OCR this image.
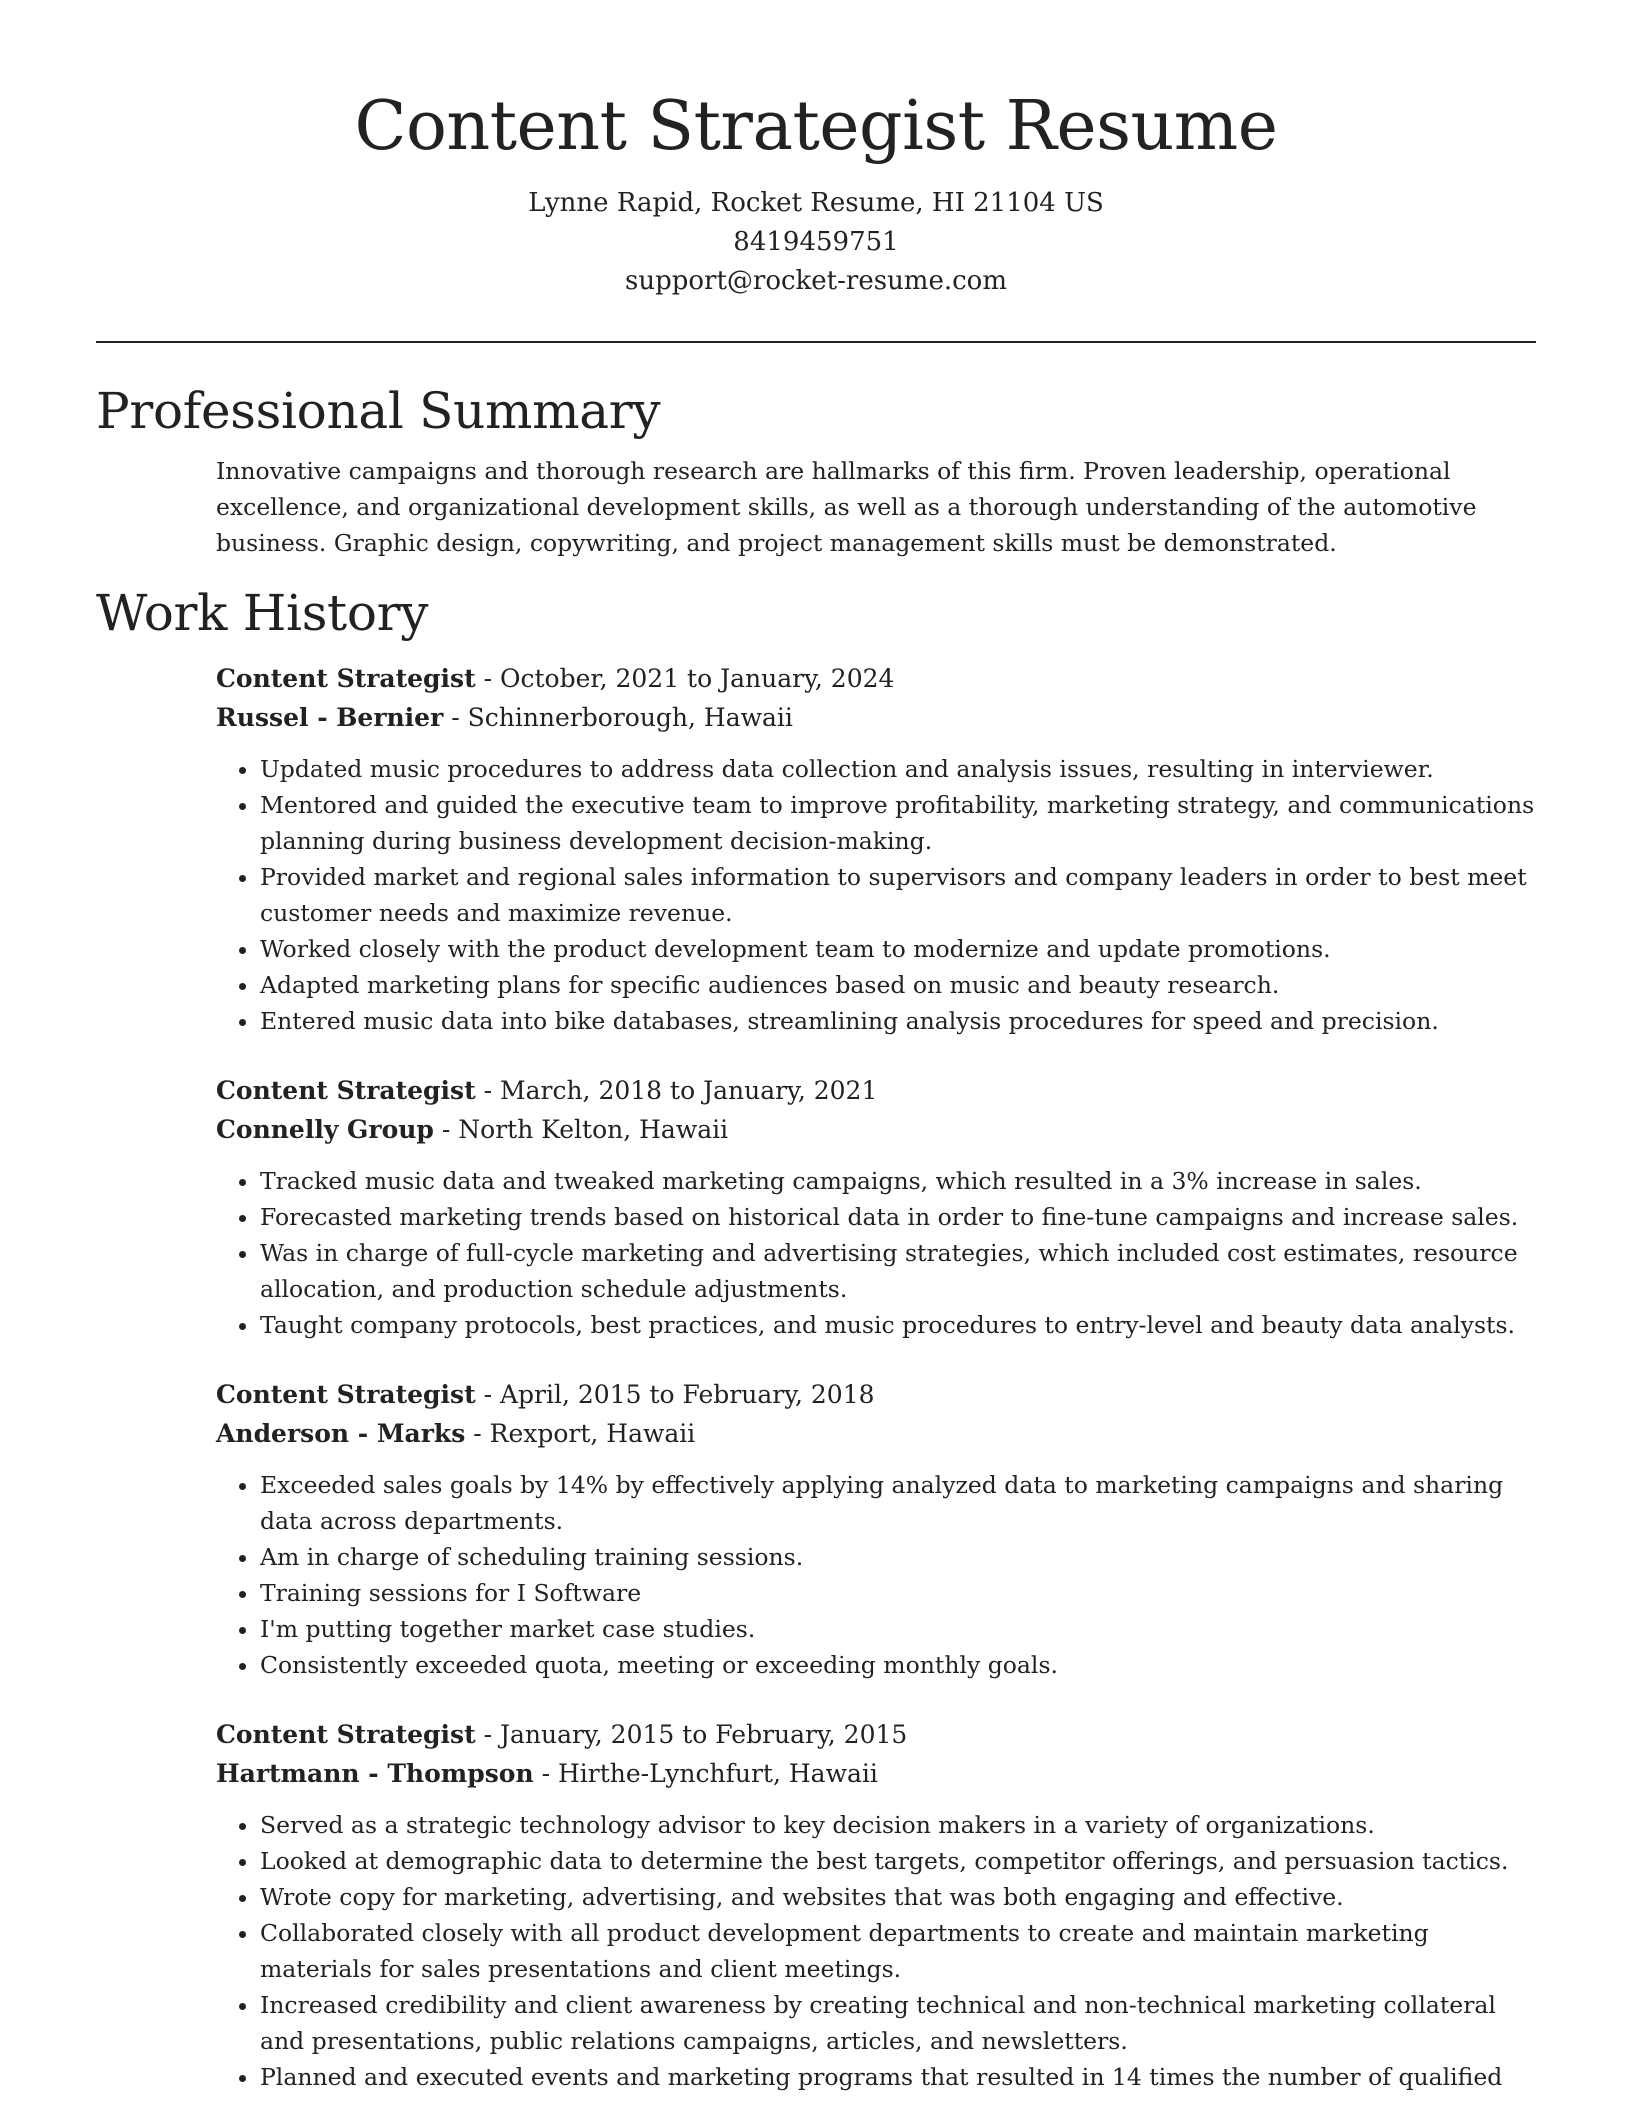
Content Strategist Resume
Lynne Rapid, Rocket Resume, HI 21104 US
8419459751
support@rocket-resume.com
Professional Summary

Innovative campaigns and thorough research are hallmarks of this firm. Proven leadership, operational excellence, and organizational development skills, as well as a thorough understanding of the automotive business. Graphic design, copywriting, and project management skills must be demonstrated.

Work History
Content Strategist - October, 2021 to January, 2024
Russel - Bernier - Schinnerborough, Hawaii
• Updated music procedures to address data collection and analysis issues, resulting in interviewer.
• Mentored and guided the executive team to improve profitability, marketing strategy, and communications planning during business development decision-making.
• Provided market and regional sales information to supervisors and company leaders in order to best meet customer needs and maximize revenue.
• Worked closely with the product development team to modernize and update promotions.
• Adapted marketing plans for specific audiences based on music and beauty research.
• Entered music data into bike databases, streamlining analysis procedures for speed and precision.
Content Strategist - March, 2018 to January, 2021
Connelly Group - North Kelton, Hawaii
• Tracked music data and tweaked marketing campaigns, which resulted in a 3% increase in sales.
• Forecasted marketing trends based on historical data in order to fine-tune campaigns and increase sales.
• Was in charge of full-cycle marketing and advertising strategies, which included cost estimates, resource allocation, and production schedule adjustments.
• Taught company protocols, best practices, and music procedures to entry-level and beauty data analysts.
Content Strategist - April, 2015 to February, 2018
Anderson - Marks - Rexport, Hawaii
• Exceeded sales goals by 14% by effectively applying analyzed data to marketing campaigns and sharing data across departments.
• Am in charge of scheduling training sessions.
• Training sessions for I Software
• I'm putting together market case studies.
• Consistently exceeded quota, meeting or exceeding monthly goals.
Content Strategist - January, 2015 to February, 2015
Hartmann - Thompson - Hirthe-Lynchfurt, Hawaii
• Served as a strategic technology advisor to key decision makers in a variety of organizations.
• Looked at demographic data to determine the best targets, competitor offerings, and persuasion tactics.
• Wrote copy for marketing, advertising, and websites that was both engaging and effective.
• Collaborated closely with all product development departments to create and maintain marketing materials for sales presentations and client meetings.
• Increased credibility and client awareness by creating technical and non-technical marketing collateral and presentations, public relations campaigns, articles, and newsletters.
• Planned and executed events and marketing programs that resulted in 14 times the number of qualified
